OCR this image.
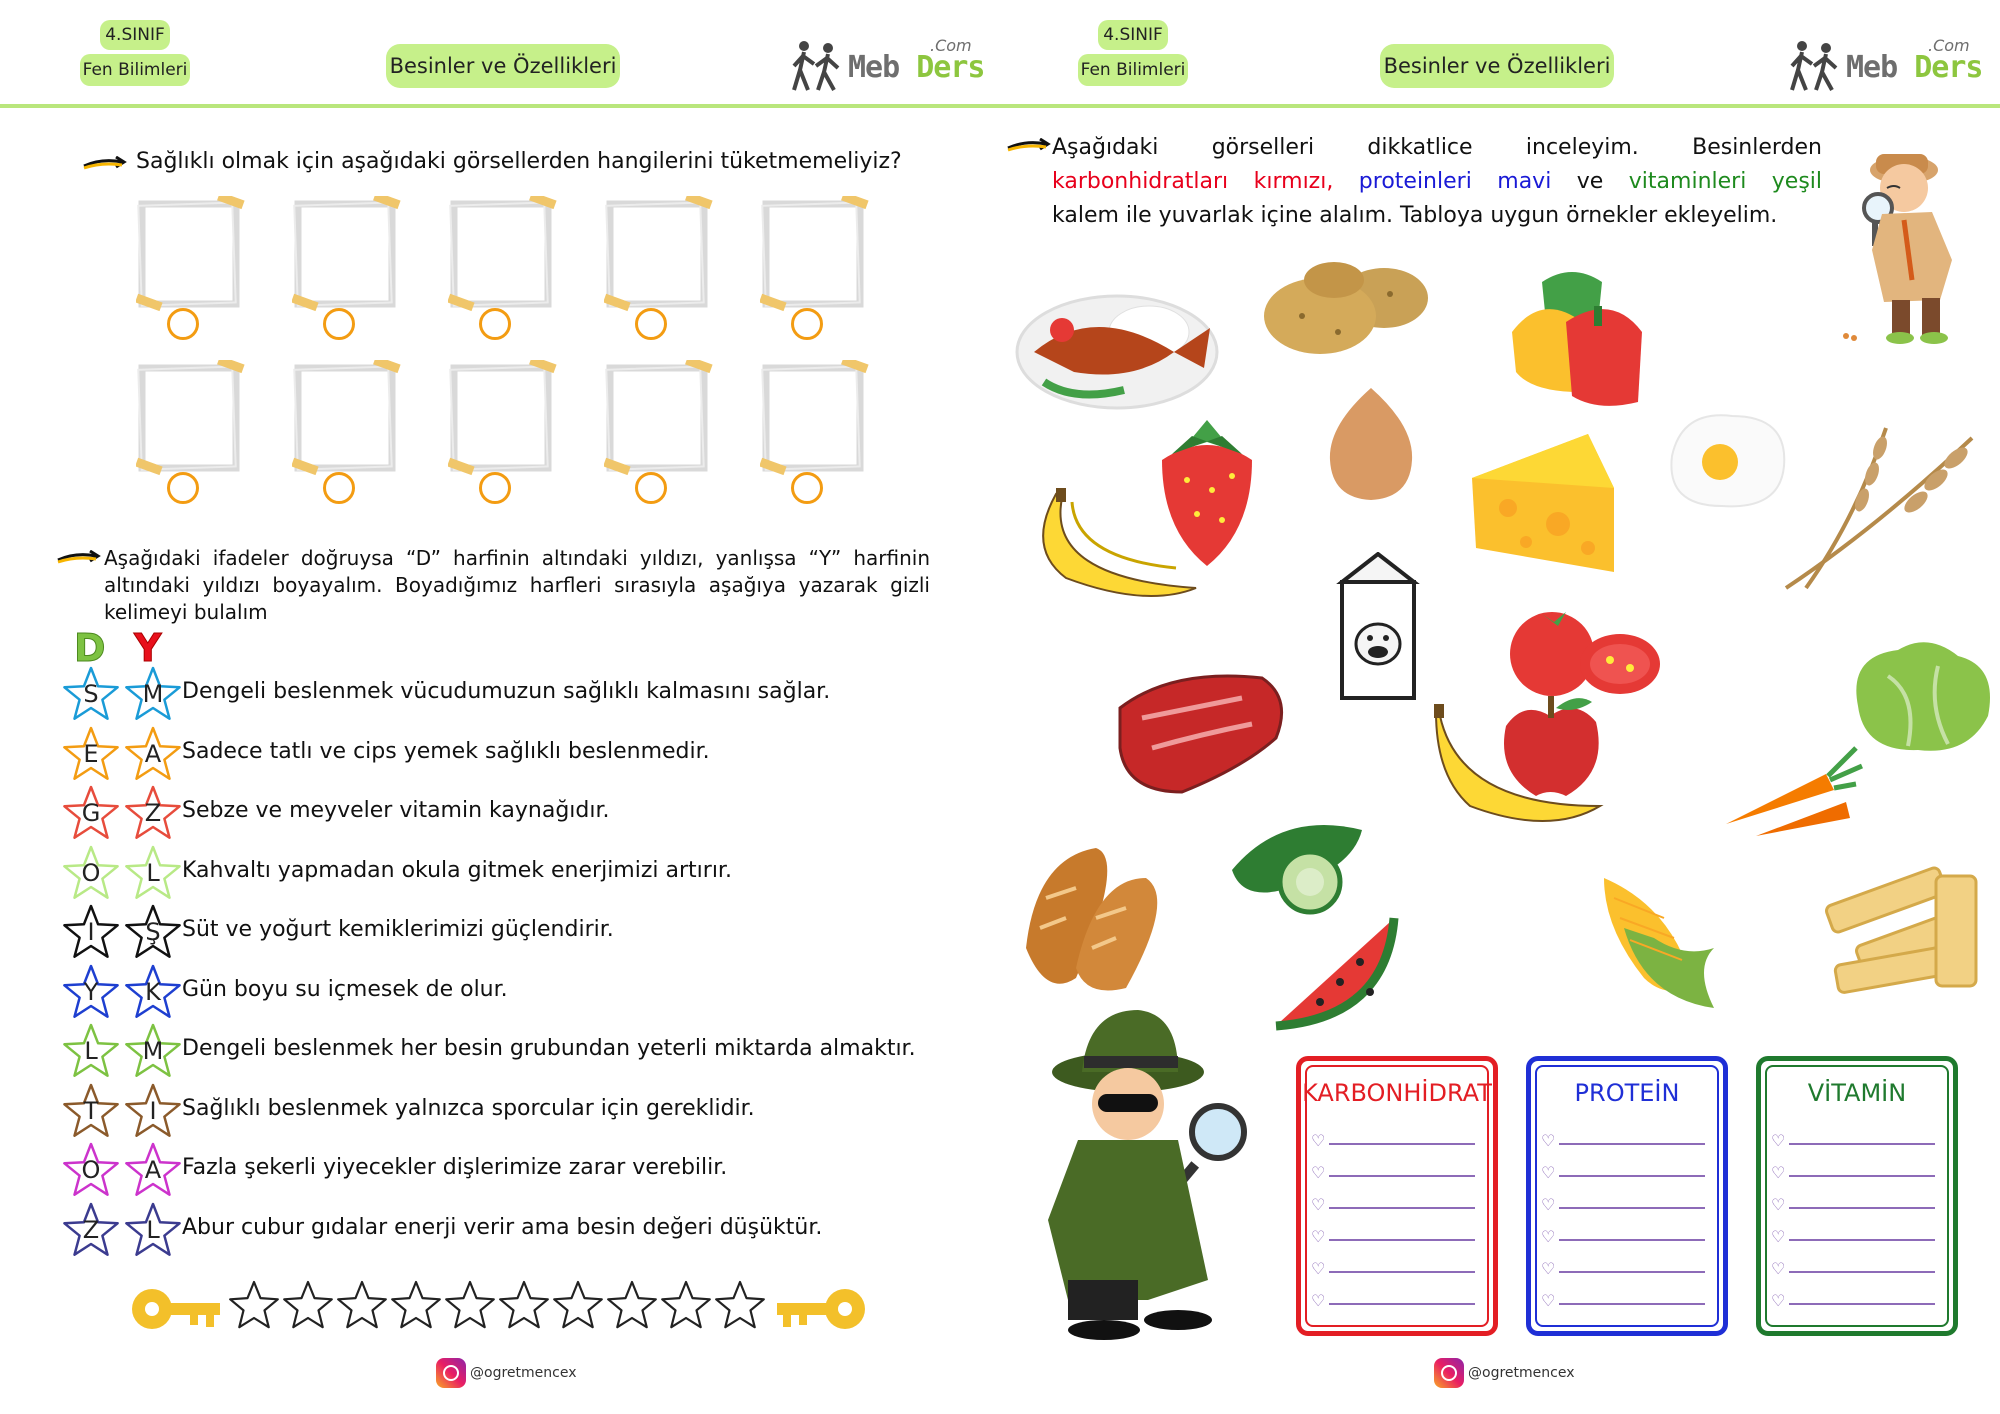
4.SINIF
Fen Bilimleri	Besinler ve Özellikleri	Meb Ders
.Com
Sağlıklı olmak için aşağıdaki görsellerden hangilerini tüketmemeliyiz?
Aşağıdaki ifadeler doğruysa “D” harfinin altındaki yıldızı, yanlışsa “Y” harfinin altındaki yıldızı boyayalım. Boyadığımız harfleri sırasıyla aşağıya yazarak gizli kelimeyi bulalım
D Y
S	M Dengeli beslenmek vücudumuzun sağlıklı kalmasını sağlar.
E	A Sadece tatlı ve cips yemek sağlıklı beslenmedir.
G	Z Sebze ve meyveler vitamin kaynağıdır.
O	L	Kahvaltı yapmadan okula gitmek enerjimizi artırır.
I	Ş Süt ve yoğurt kemiklerimizi güçlendirir.
Y	K Gün boyu su içmesek de olur.
L	M Dengeli beslenmek her besin grubundan yeterli miktarda almaktır.
T	I	Sağlıklı beslenmek yalnızca sporcular için gereklidir.
O	A Fazla şekerli yiyecekler dişlerimize zarar verebilir.
Z	L	Abur cubur gıdalar enerji verir ama besin değeri düşüktür.
@ogretmencex
4.SINIF
Fen Bilimleri	Besinler ve Özellikleri	Meb Ders
.Com
Aşağıdaki görselleri dikkatlice inceleyim. Besinlerden
karbonhidratları kırmızı, proteinleri mavi ve vitaminleri yeşil
kalem ile yuvarlak içine alalım. Tabloya uygun örnekler ekleyelim.
KARBONHİDRAT
♡
♡
♡
♡
♡
♡
PROTEİN
♡
♡
♡
♡
♡
♡
VİTAMİN
♡
♡
♡
♡
♡
♡
@ogretmencex
